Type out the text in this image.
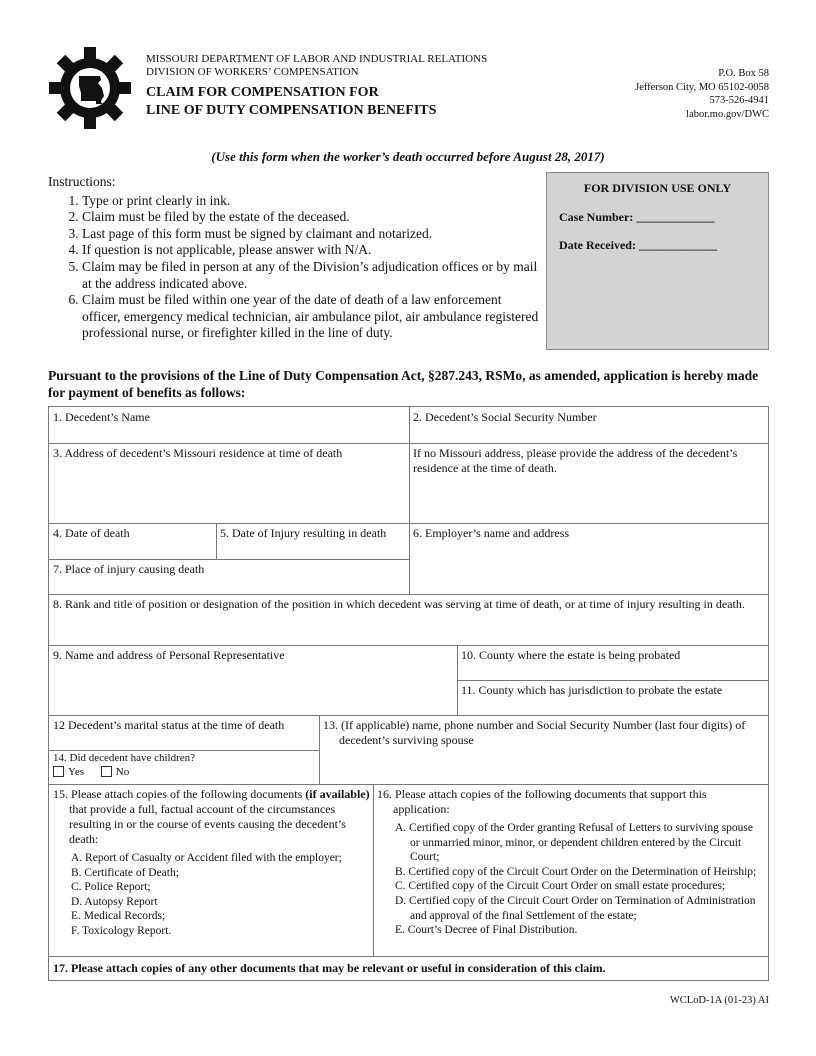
MISSOURI DEPARTMENT OF LABOR AND INDUSTRIAL RELATIONS
DIVISION OF WORKERS’ COMPENSATION
CLAIM FOR COMPENSATION FOR
LINE OF DUTY COMPENSATION BENEFITS
P.O. Box 58
Jefferson City, MO 65102-0058
573-526-4941
labor.mo.gov/DWC
(Use this form when the worker’s death occurred before August 28, 2017)
Instructions:
1. Type or print clearly in ink.
2. Claim must be filed by the estate of the deceased.
3. Last page of this form must be signed by claimant and notarized.
4. If question is not applicable, please answer with N/A.
5. Claim may be filed in person at any of the Division’s adjudication offices or by mail at the address indicated above.
6. Claim must be filed within one year of the date of death of a law enforcement officer, emergency medical technician, air ambulance pilot, air ambulance registered professional nurse, or firefighter killed in the line of duty.
FOR DIVISION USE ONLY
Case Number: _____________
Date Received: _____________
Pursuant to the provisions of the Line of Duty Compensation Act, §287.243, RSMo, as amended, application is hereby made for payment of benefits as follows:
1. Decedent’s Name	2. Decedent’s Social Security Number
3. Address of decedent’s Missouri residence at time of death	If no Missouri address, please provide the address of the decedent’s residence at the time of death.
4. Date of death	5. Date of Injury resulting in death 6. Employer’s name and address
7. Place of injury causing death
8. Rank and title of position or designation of the position in which decedent was serving at time of death, or at time of injury resulting in death.
9. Name and address of Personal Representative	10. County where the estate is being probated
11. County which has jurisdiction to probate the estate
12 Decedent’s marital status at the time of death	13. (If applicable) name, phone number and Social Security Number (last four digits) of decedent’s surviving spouse
14. Did decedent have children?
Yes	No
15. Please attach copies of the following documents (if available) that provide a full, factual account of the circumstances resulting in or the course of events causing the decedent’s death:
A. Report of Casualty or Accident filed with the employer;
B. Certificate of Death;
C. Police Report;
D. Autopsy Report
E. Medical Records;
F. Toxicology Report.
16. Please attach copies of the following documents that support this application:
A. Certified copy of the Order granting Refusal of Letters to surviving spouse or unmarried minor, minor, or dependent children entered by the Circuit Court;
B. Certified copy of the Circuit Court Order on the Determination of Heirship;
C. Certified copy of the Circuit Court Order on small estate procedures;
D. Certified copy of the Circuit Court Order on Termination of Administration and approval of the final Settlement of the estate;
E. Court’s Decree of Final Distribution.
17. Please attach copies of any other documents that may be relevant or useful in consideration of this claim.
WCLoD-1A (01-23) AI
